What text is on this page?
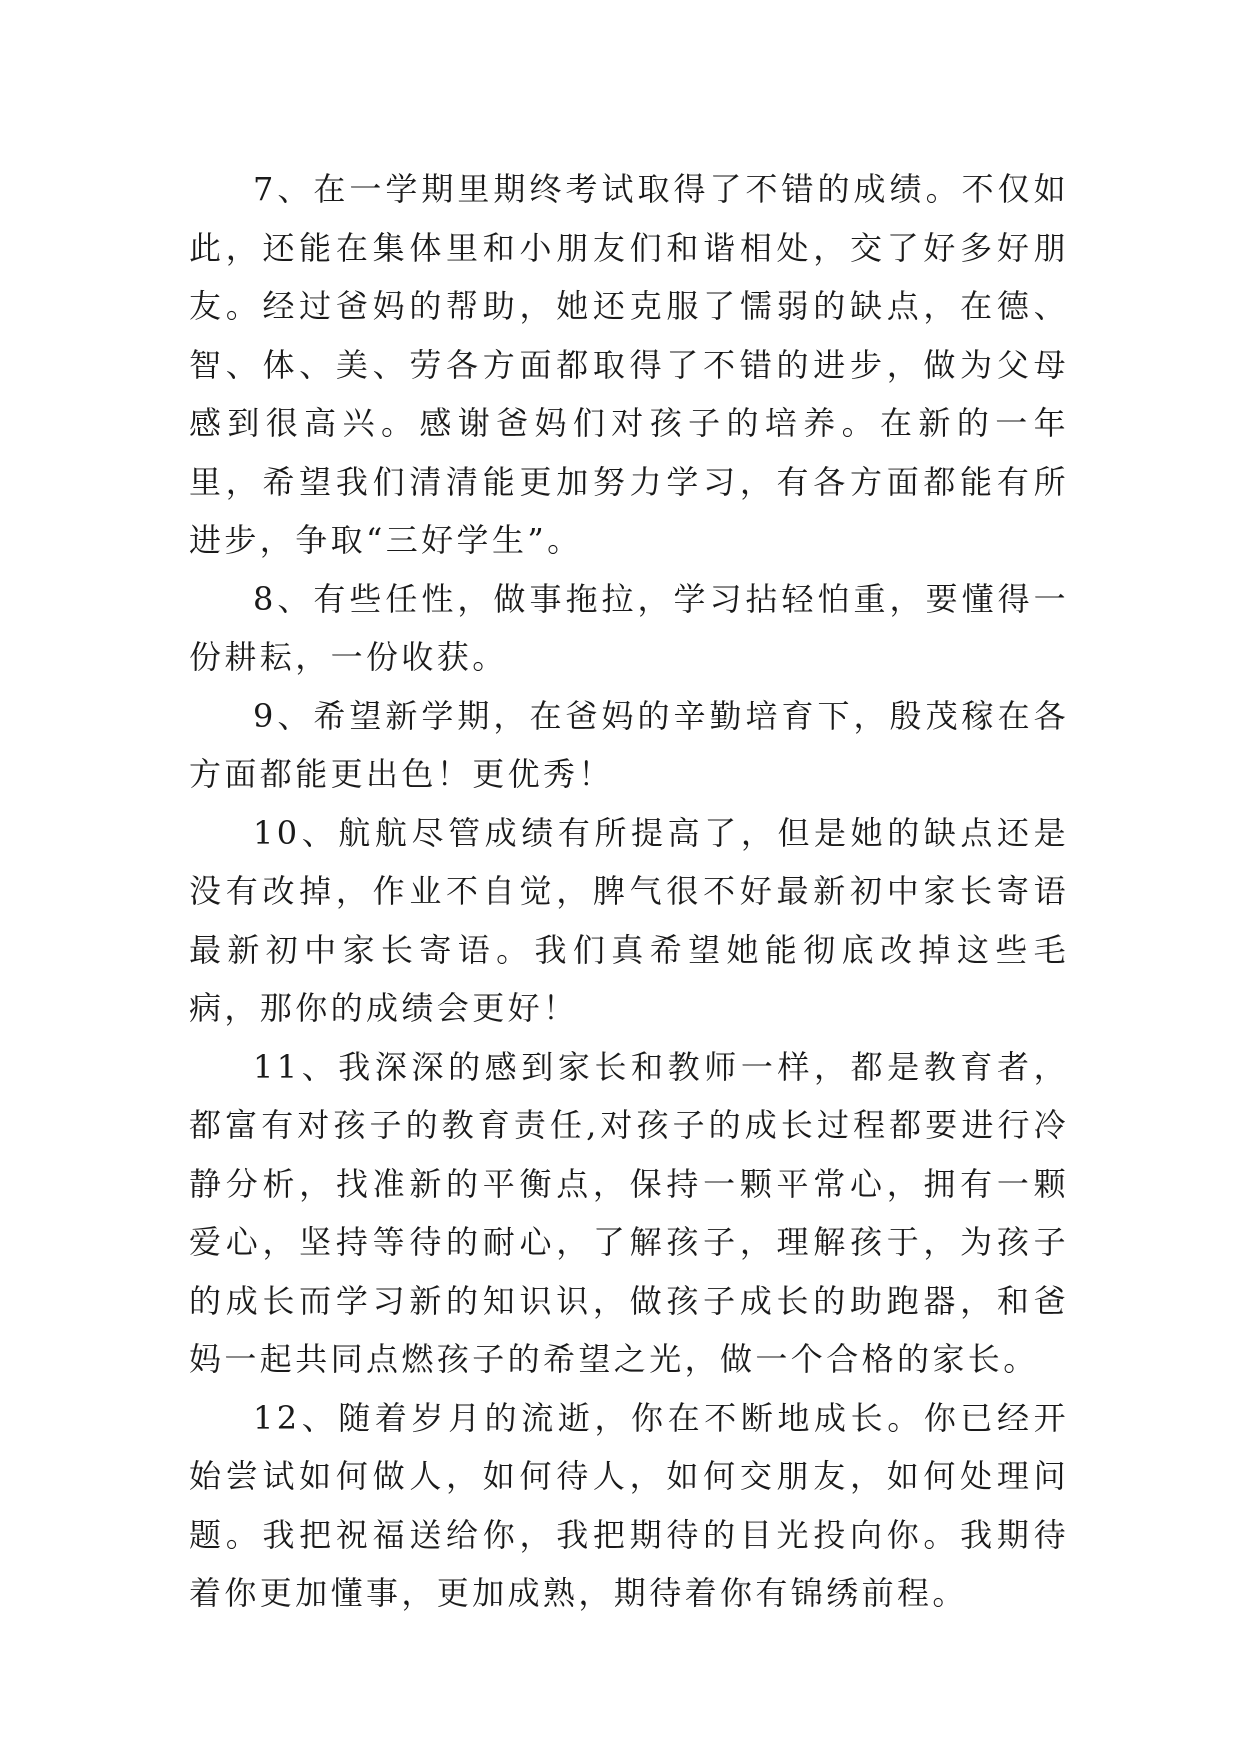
7、在一学期里期终考试取得了不错的成绩。不仅如此，还能在集体里和小朋友们和谐相处，交了好多好朋友。经过爸妈的帮助，她还克服了懦弱的缺点，在德、智、体、美、劳各方面都取得了不错的进步，做为父母感到很高兴。感谢爸妈们对孩子的培养。在新的一年里，希望我们清清能更加努力学习，有各方面都能有所进步，争取“三好学生”。

8、有些任性，做事拖拉，学习拈轻怕重，要懂得一份耕耘，一份收获。

9、希望新学期，在爸妈的辛勤培育下，殷茂稼在各方面都能更出色！更优秀！

10、航航尽管成绩有所提高了，但是她的缺点还是没有改掉，作业不自觉，脾气很不好最新初中家长寄语最新初中家长寄语。我们真希望她能彻底改掉这些毛病，那你的成绩会更好！

11、我深深的感到家长和教师一样，都是教育者，都富有对孩子的教育责任,对孩子的成长过程都要进行冷静分析，找准新的平衡点，保持一颗平常心，拥有一颗爱心，坚持等待的耐心，了解孩子，理解孩于，为孩子的成长而学习新的知识识，做孩子成长的助跑器，和爸妈一起共同点燃孩子的希望之光，做一个合格的家长。

12、随着岁月的流逝，你在不断地成长。你已经开始尝试如何做人，如何待人，如何交朋友，如何处理问题。我把祝福送给你，我把期待的目光投向你。我期待着你更加懂事，更加成熟，期待着你有锦绣前程。
